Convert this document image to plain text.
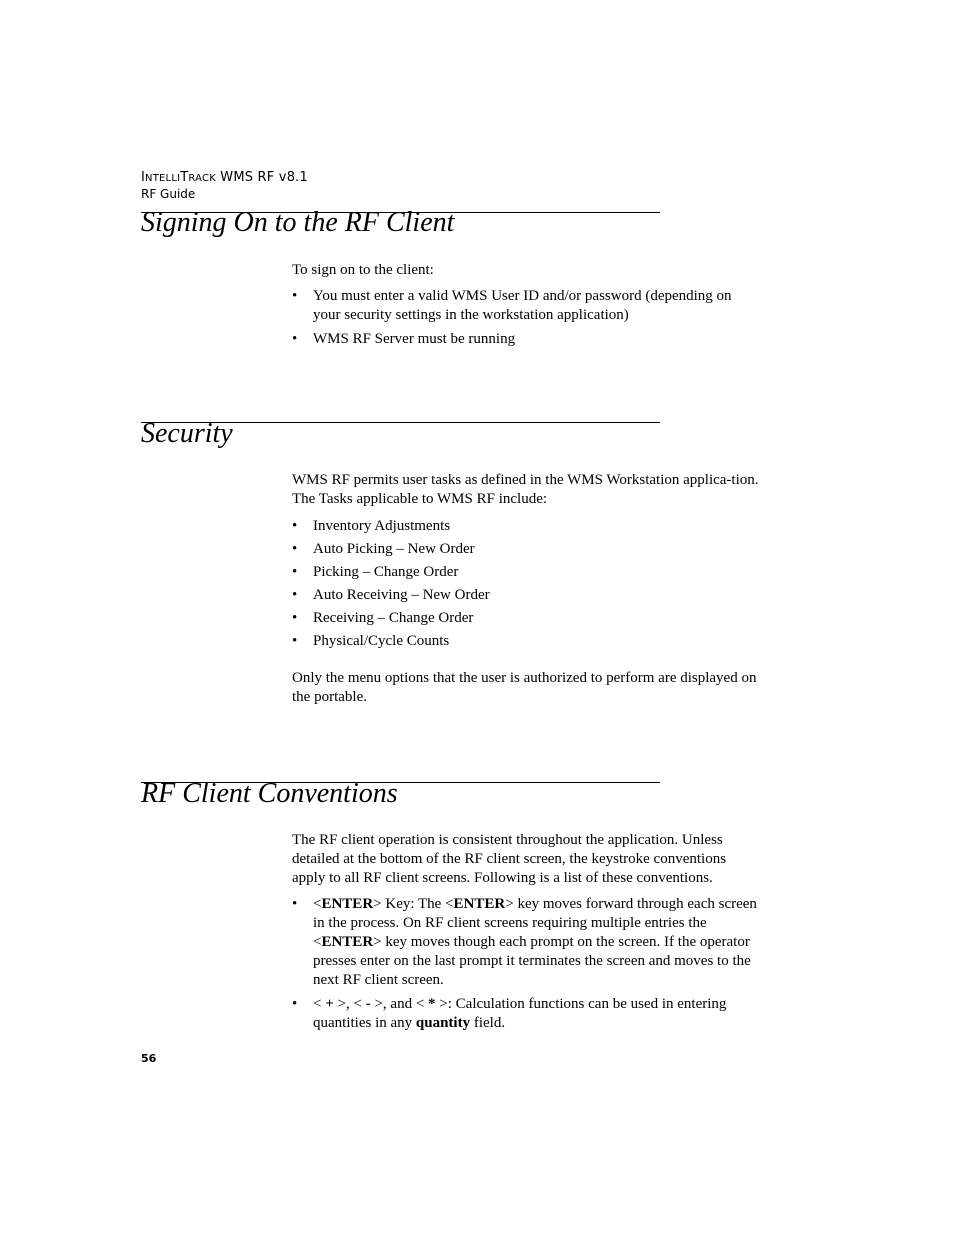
INTELLITRACK WMS RF v8.1
RF Guide
Signing On to the RF Client

To sign on to the client:

• You must enter a valid WMS User ID and/or password (depending on your security settings in the workstation application)
• WMS RF Server must be running
Security

WMS RF permits user tasks as defined in the WMS Workstation applica-tion. The Tasks applicable to WMS RF include:

• Inventory Adjustments
• Auto Picking – New Order
• Picking – Change Order
• Auto Receiving – New Order
• Receiving – Change Order
• Physical/Cycle Counts

Only the menu options that the user is authorized to perform are displayed on the portable.

RF Client Conventions

The RF client operation is consistent throughout the application. Unless detailed at the bottom of the RF client screen, the keystroke conventions apply to all RF client screens. Following is a list of these conventions.

• <ENTER> Key: The <ENTER> key moves forward through each screen in the process. On RF client screens requiring multiple entries the <ENTER> key moves though each prompt on the screen. If the operator presses enter on the last prompt it terminates the screen and moves to the next RF client screen.
• < + >, < - >, and < * >: Calculation functions can be used in entering quantities in any quantity field.
56
